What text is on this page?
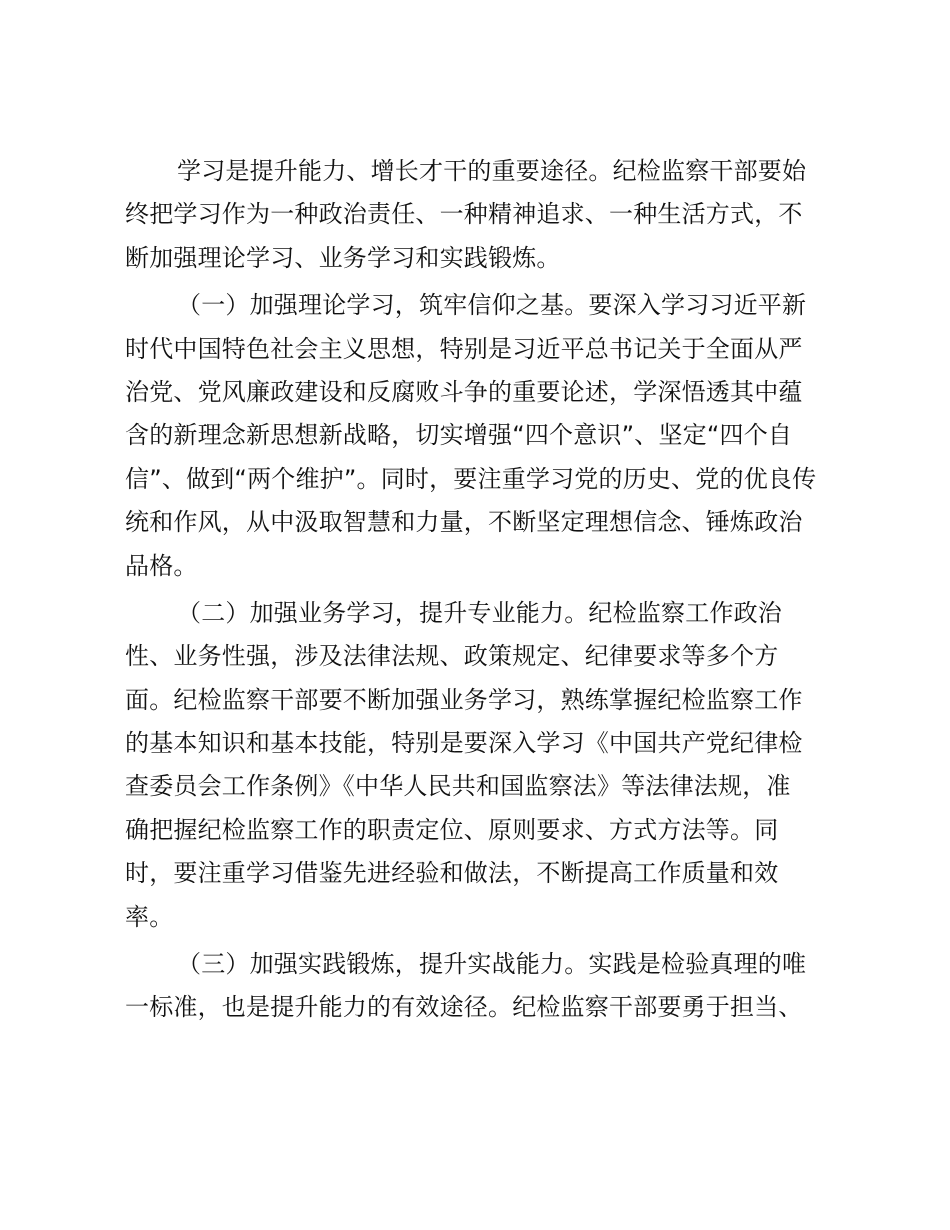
学习是提升能力、增长才干的重要途径。纪检监察干部要始
终把学习作为一种政治责任、一种精神追求、一种生活方式，不
断加强理论学习、业务学习和实践锻炼。
（一）加强理论学习，筑牢信仰之基。要深入学习习近平新
时代中国特色社会主义思想，特别是习近平总书记关于全面从严
治党、党风廉政建设和反腐败斗争的重要论述，学深悟透其中蕴
含的新理念新思想新战略，切实增强“四个意识”、坚定“四个自
信”、做到“两个维护”。同时，要注重学习党的历史、党的优良传
统和作风，从中汲取智慧和力量，不断坚定理想信念、锤炼政治
品格。
（二）加强业务学习，提升专业能力。纪检监察工作政治
性、业务性强，涉及法律法规、政策规定、纪律要求等多个方
面。纪检监察干部要不断加强业务学习，熟练掌握纪检监察工作
的基本知识和基本技能，特别是要深入学习《中国共产党纪律检
查委员会工作条例》《中华人民共和国监察法》等法律法规，准
确把握纪检监察工作的职责定位、原则要求、方式方法等。同
时，要注重学习借鉴先进经验和做法，不断提高工作质量和效
率。
（三）加强实践锻炼，提升实战能力。实践是检验真理的唯
一标准，也是提升能力的有效途径。纪检监察干部要勇于担当、
